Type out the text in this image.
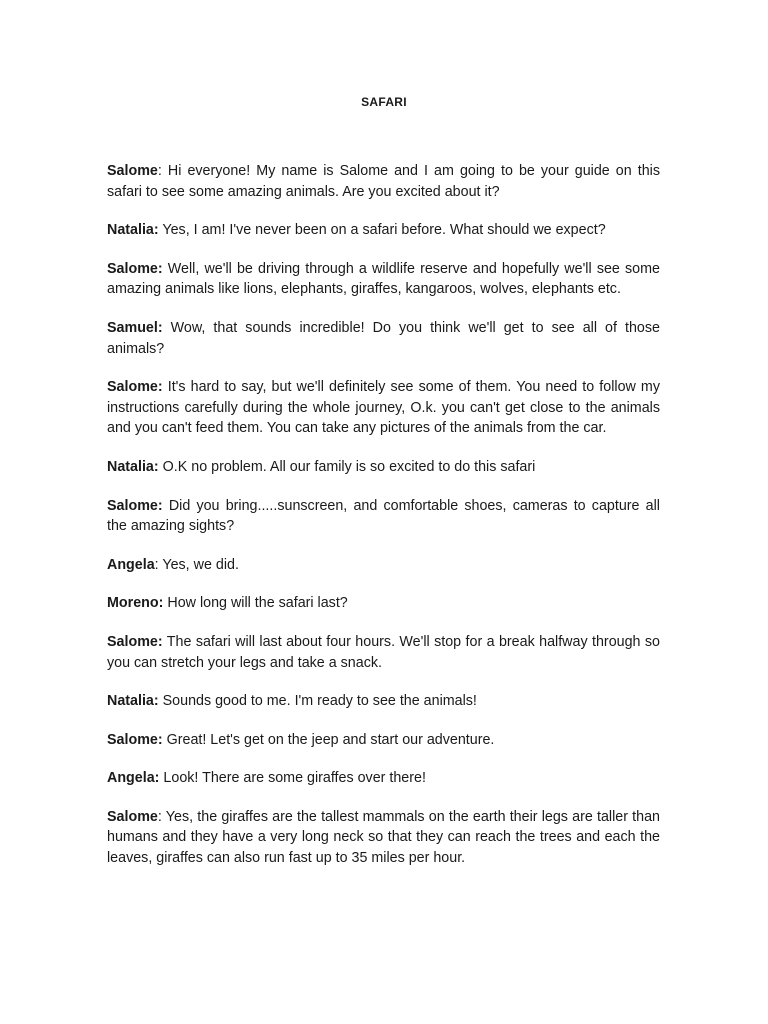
SAFARI

Salome: Hi everyone! My name is Salome and I am going to be your guide on this safari to see some amazing animals. Are you excited about it?

Natalia: Yes, I am! I've never been on a safari before. What should we expect?

Salome: Well, we'll be driving through a wildlife reserve and hopefully we'll see some amazing animals like lions, elephants, giraffes, kangaroos, wolves, elephants etc.

Samuel: Wow, that sounds incredible! Do you think we'll get to see all of those animals?

Salome: It's hard to say, but we'll definitely see some of them. You need to follow my instructions carefully during the whole journey, O.k. you can't get close to the animals and you can't feed them. You can take any pictures of the animals from the car.

Natalia: O.K no problem. All our family is so excited to do this safari

Salome: Did you bring.....sunscreen, and comfortable shoes, cameras to capture all the amazing sights?

Angela: Yes, we did.

Moreno: How long will the safari last?

Salome: The safari will last about four hours. We'll stop for a break halfway through so you can stretch your legs and take a snack.

Natalia: Sounds good to me. I'm ready to see the animals!

Salome: Great! Let's get on the jeep and start our adventure.

Angela: Look! There are some giraffes over there!

Salome: Yes, the giraffes are the tallest mammals on the earth their legs are taller than humans and they have a very long neck so that they can reach the trees and each the leaves, giraffes can also run fast up to 35 miles per hour.
